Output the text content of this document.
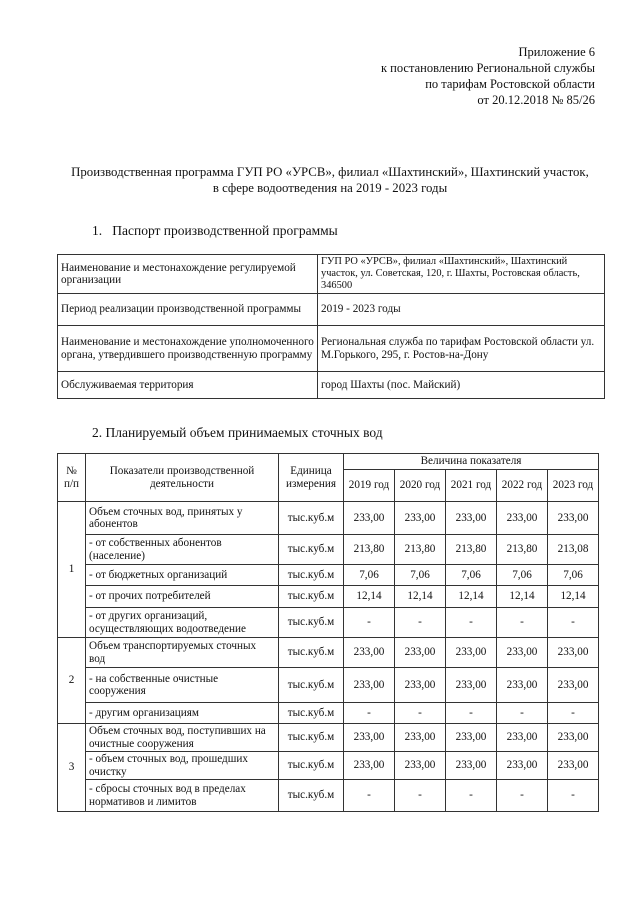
Приложение 6
к постановлению Региональной службы
по тарифам Ростовской области
от 20.12.2018 № 85/26
Производственная программа ГУП РО «УРСВ», филиал «Шахтинский», Шахтинский участок,
в сфере водоотведения на 2019 - 2023 годы
1. Паспорт производственной программы
Наименование и местонахождение регулируемой организации	ГУП РО «УРСВ», филиал «Шахтинский», Шахтинский участок, ул. Советская, 120, г. Шахты, Ростовская область, 346500
Период реализации производственной программы	2019 - 2023 годы
Наименование и местонахождение уполномоченного органа, утвердившего производственную программу	Региональная служба по тарифам Ростовской области ул. М.Горького, 295, г. Ростов-на-Дону
Обслуживаемая территория	город Шахты (пос. Майский)
2. Планируемый объем принимаемых сточных вод
№ п/п	Показатели производственной деятельности	Единица измерения	Величина показателя				
			2019 год	2020 год	2021 год	2022 год	2023 год
1	Объем сточных вод, принятых у абонентов	тыс.куб.м	233,00	233,00	233,00	233,00	233,00
	- от собственных абонентов (население)	тыс.куб.м	213,80	213,80	213,80	213,80	213,08
	- от бюджетных организаций	тыс.куб.м	7,06	7,06	7,06	7,06	7,06
	- от прочих потребителей	тыс.куб.м	12,14	12,14	12,14	12,14	12,14
	- от других организаций, осуществляющих водоотведение	тыс.куб.м	-	-	-	-	-
2	Объем транспортируемых сточных вод	тыс.куб.м	233,00	233,00	233,00	233,00	233,00
	- на собственные очистные сооружения	тыс.куб.м	233,00	233,00	233,00	233,00	233,00
	- другим организациям	тыс.куб.м	-	-	-	-	-
3	Объем сточных вод, поступивших на очистные сооружения	тыс.куб.м	233,00	233,00	233,00	233,00	233,00
	- объем сточных вод, прошедших очистку	тыс.куб.м	233,00	233,00	233,00	233,00	233,00
	- сбросы сточных вод в пределах нормативов и лимитов	тыс.куб.м	-	-	-	-	-
